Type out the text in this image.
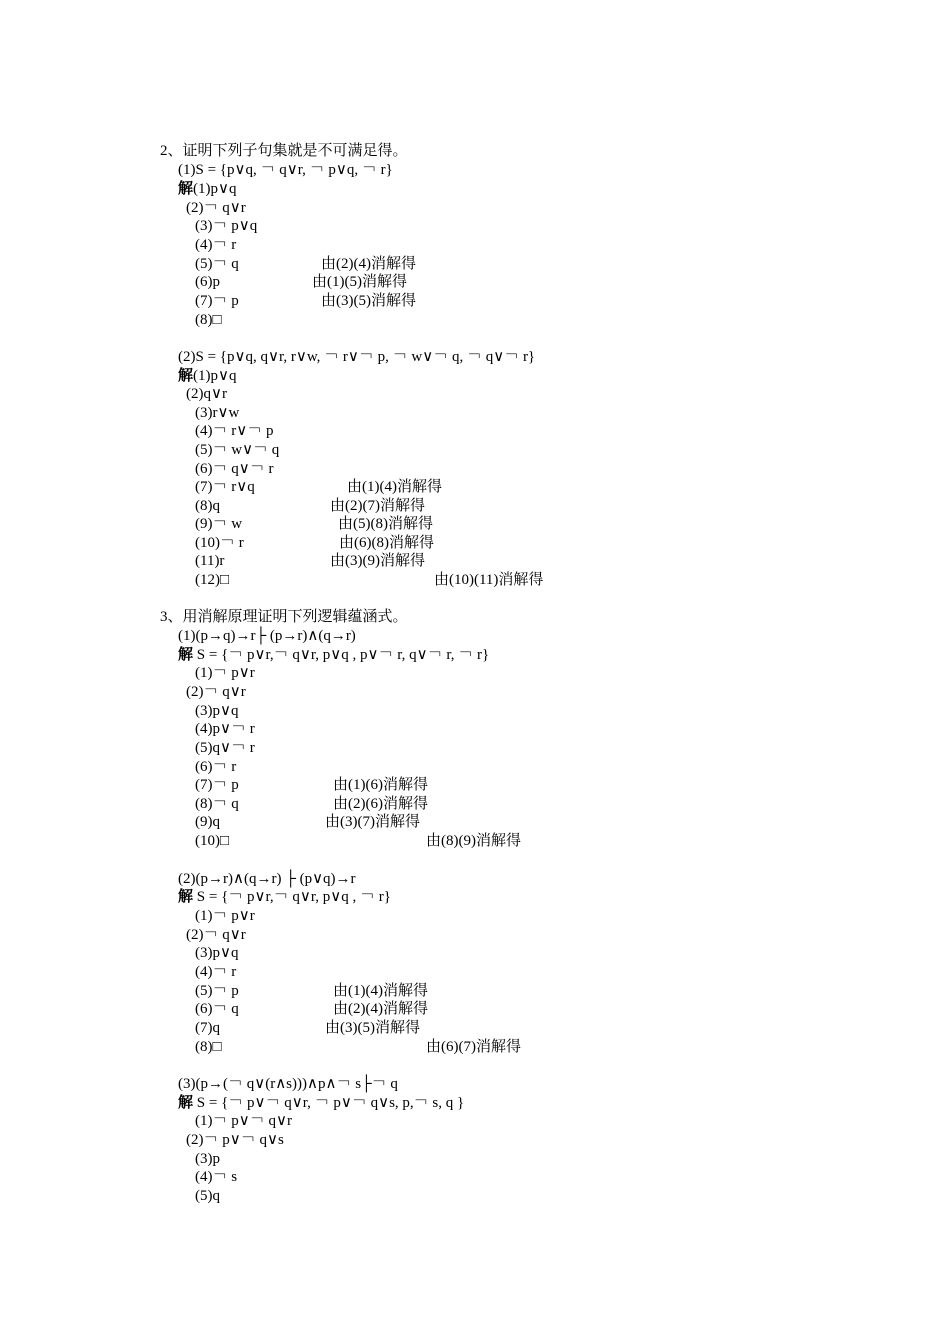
2、证明下列子句集就是不可满足得。
(1)S = {p∨q, ￢ q∨r, ￢ p∨q, ￢ r}
解(1)p∨q
(2)￢ q∨r
(3)￢ p∨q
(4)￢ r
(5)￢ q	由(2)(4)消解得
(6)p	由(1)(5)消解得
(7)￢ p	由(3)(5)消解得
(8)□
(2)S = {p∨q, q∨r, r∨w, ￢ r∨￢ p, ￢ w∨￢ q, ￢ q∨￢ r}
解(1)p∨q
(2)q∨r
(3)r∨w
(4)￢ r∨￢ p
(5)￢ w∨￢ q
(6)￢ q∨￢ r
(7)￢ r∨q	由(1)(4)消解得
(8)q	由(2)(7)消解得
(9)￢ w	由(5)(8)消解得
(10)￢ r	由(6)(8)消解得
(11)r	由(3)(9)消解得
(12)□	由(10)(11)消解得
3、用消解原理证明下列逻辑蕴涵式。
(1)(p→q)→r├ (p→r)∧(q→r)
解 S = {￢ p∨r,￢ q∨r, p∨q , p∨￢ r, q∨￢ r, ￢ r}
(1)￢ p∨r
(2)￢ q∨r
(3)p∨q
(4)p∨￢ r
(5)q∨￢ r
(6)￢ r
(7)￢ p	由(1)(6)消解得
(8)￢ q	由(2)(6)消解得
(9)q	由(3)(7)消解得
(10)□	由(8)(9)消解得
(2)(p→r)∧(q→r) ├ (p∨q)→r
解 S = {￢ p∨r,￢ q∨r, p∨q , ￢ r}
(1)￢ p∨r
(2)￢ q∨r
(3)p∨q
(4)￢ r
(5)￢ p	由(1)(4)消解得
(6)￢ q	由(2)(4)消解得
(7)q	由(3)(5)消解得
(8)□	由(6)(7)消解得
(3)(p→(￢ q∨(r∧s)))∧p∧￢ s├￢ q
解 S = {￢ p∨￢ q∨r, ￢ p∨￢ q∨s, p,￢ s, q }
(1)￢ p∨￢ q∨r
(2)￢ p∨￢ q∨s
(3)p
(4)￢ s
(5)q
